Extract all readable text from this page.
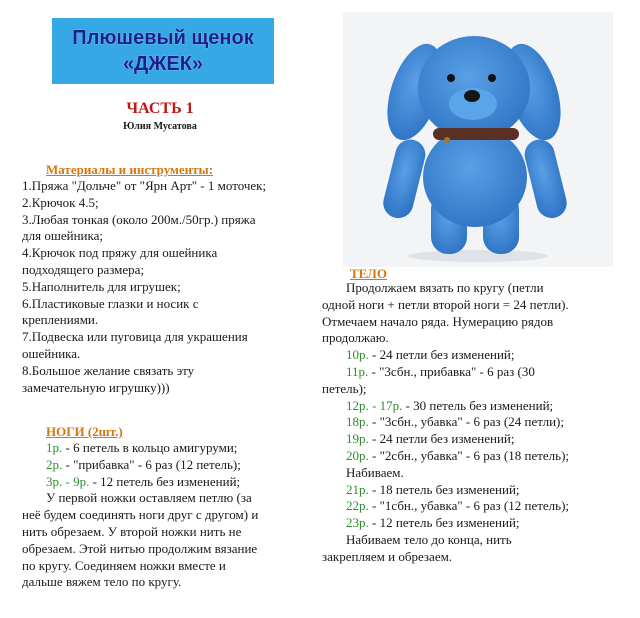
Плюшевый щенок
«ДЖЕК»
ЧАСТЬ 1
Юлия Мусатова
Материалы и инструменты:
1.Пряжа "Дольче" от "Ярн Арт" - 1 моточек;
2.Крючок 4.5;
3.Любая тонкая (около 200м./50гр.) пряжа
для ошейника;
4.Крючок под пряжу для ошейника
подходящего размера;
5.Наполнитель для игрушек;
6.Пластиковые глазки и носик с
креплениями.
7.Подвеска или пуговица для украшения
ошейника.
8.Большое желание связать эту
замечательную игрушку)))
НОГИ (2шт.)
1р. - 6 петель в кольцо амигуруми;
2р. - "прибавка" - 6 раз (12 петель);
3р. - 9р. - 12 петель без изменений;
У первой ножки оставляем петлю (за
неё будем соединять ноги друг с другом) и
нить обрезаем. У второй ножки нить не
обрезаем. Этой нитью продолжим вязание
по кругу. Соединяем ножки вместе и
дальше вяжем тело по кругу.
ТЕЛО
Продолжаем вязать по кругу (петли
одной ноги + петли второй ноги = 24 петли).
Отмечаем начало ряда. Нумерацию рядов
продолжаю.
10р. - 24 петли без изменений;
11р. - "3сбн., прибавка" - 6 раз (30
петель);
12р. - 17р. - 30 петель без изменений;
18р. - "3сбн., убавка" - 6 раз (24 петли);
19р. - 24 петли без изменений;
20р. - "2сбн., убавка" - 6 раз (18 петель);
Набиваем.
21р. - 18 петель без изменений;
22р. - "1сбн., убавка" - 6 раз (12 петель);
23р. - 12 петель без изменений;
Набиваем тело до конца, нить
закрепляем и обрезаем.
